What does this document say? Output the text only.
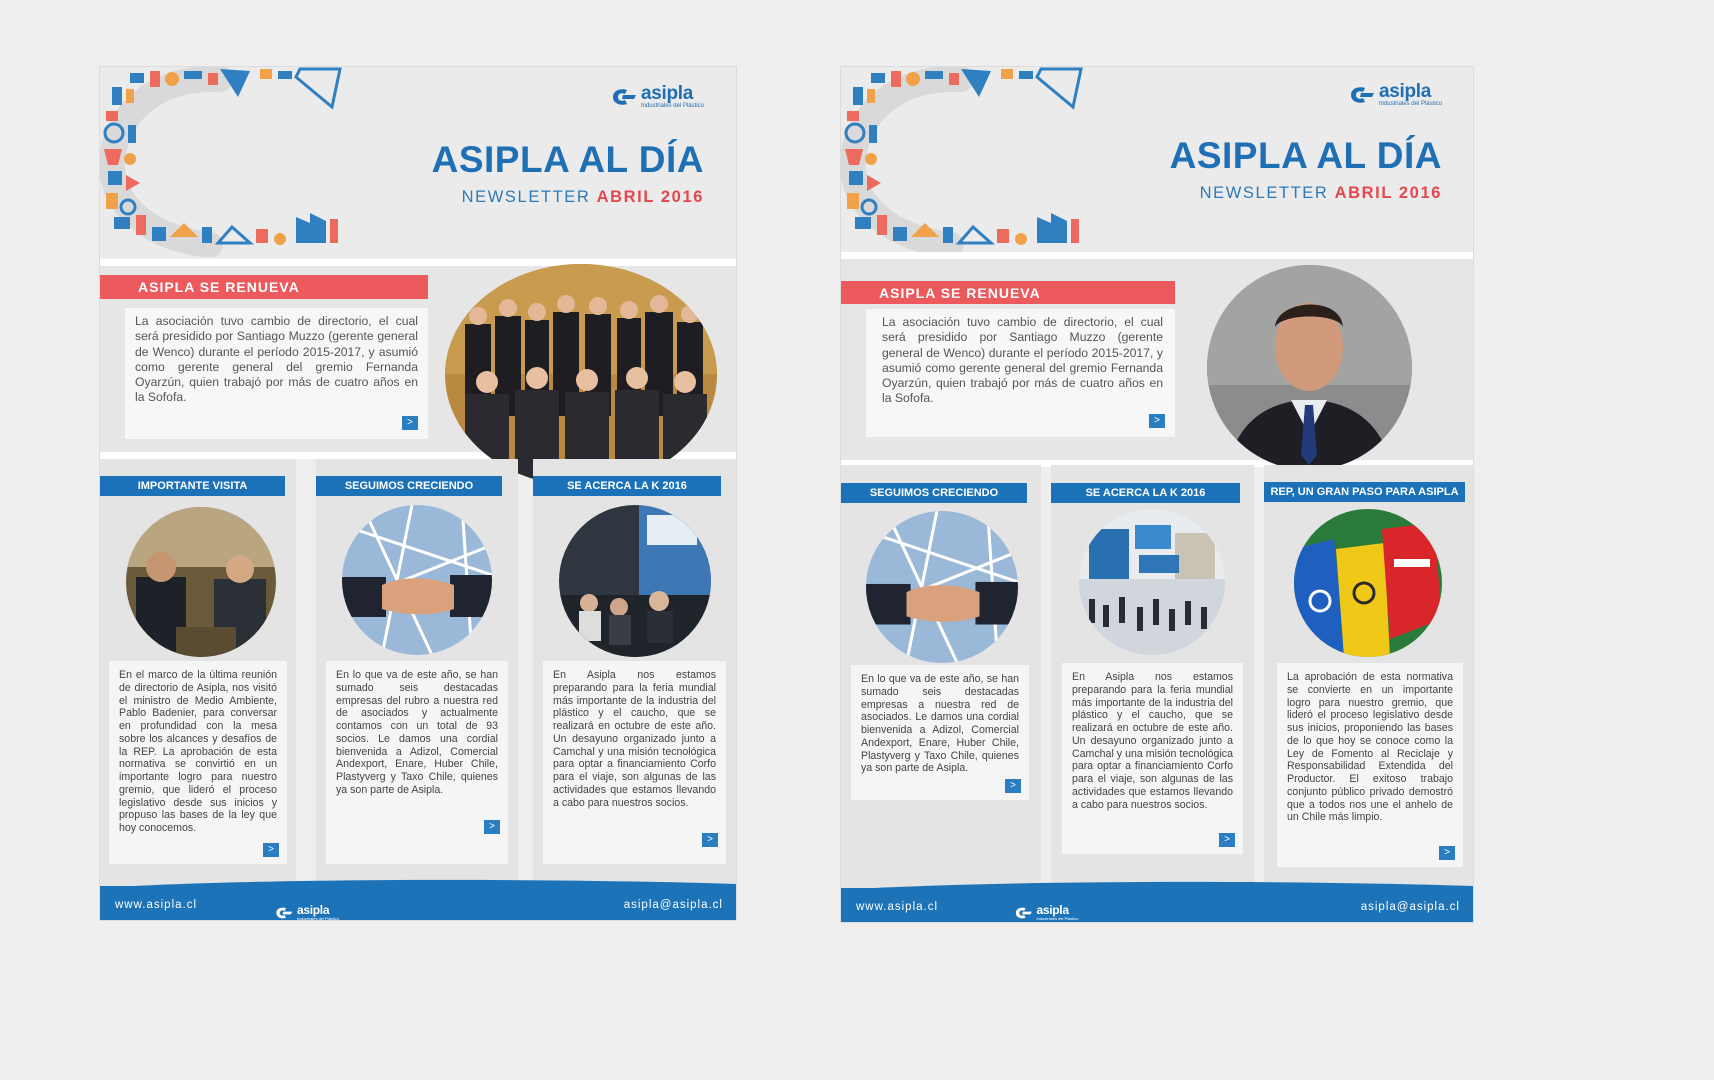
asipla
Industriales del Plástico
ASIPLA AL DÍA
NEWSLETTER ABRIL 2016
ASIPLA SE RENUEVA

La asociación tuvo cambio de directorio, el cual será presidido por Santiago Muzzo (gerente general de Wenco) durante el período 2015-2017, y asumió como gerente general del gremio Fernanda Oyarzún, quien trabajó por más de cuatro años en la Sofofa.

>
IMPORTANTE VISITA

En el marco de la última reunión de directorio de Asipla, nos visitó el ministro de Medio Ambiente, Pablo Badenier, para conversar en profundidad con la mesa sobre los alcances y desafíos de la REP. La aprobación de esta normativa se convirtió en un importante logro para nuestro gremio, que lideró el proceso legislativo desde sus inicios y propuso las bases de la ley que hoy conocemos.

>
SEGUIMOS CRECIENDO

En lo que va de este año, se han sumado seis destacadas empresas del rubro a nuestra red de asociados y actualmente contamos con un total de 93 socios. Le damos una cordial bienvenida a Adizol, Comercial Andexport, Enare, Huber Chile, Plastyverg y Taxo Chile, quienes ya son parte de Asipla.

>
SE ACERCA LA K 2016

En Asipla nos estamos preparando para la feria mundial más importante de la industria del plástico y el caucho, que se realizará en octubre de este año. Un desayuno organizado junto a Camchal y una misión tecnológica para optar a financiamiento Corfo para el viaje, son algunas de las actividades que estamos llevando a cabo para nuestros socios.

>
www.asipla.cl	asipla
Industriales del Plástico
asipla@asipla.cl
asipla
Industriales del Plástico
ASIPLA AL DÍA
NEWSLETTER ABRIL 2016
ASIPLA SE RENUEVA

La asociación tuvo cambio de directorio, el cual será presidido por Santiago Muzzo (gerente general de Wenco) durante el período 2015-2017, y asumió como gerente general del gremio Fernanda Oyarzún, quien trabajó por más de cuatro años en la Sofofa.

>
SEGUIMOS CRECIENDO

En lo que va de este año, se han sumado seis destacadas empresas a nuestra red de asociados. Le damos una cordial bienvenida a Adizol, Comercial Andexport, Enare, Huber Chile, Plastyverg y Taxo Chile, quienes ya son parte de Asipla.

>
SE ACERCA LA K 2016

En Asipla nos estamos preparando para la feria mundial más importante de la industria del plástico y el caucho, que se realizará en octubre de este año. Un desayuno organizado junto a Camchal y una misión tecnológica para optar a financiamiento Corfo para el viaje, son algunas de las actividades que estamos llevando a cabo para nuestros socios.

>
REP, UN GRAN PASO PARA ASIPLA

La aprobación de esta normativa se convierte en un importante logro para nuestro gremio, que lideró el proceso legislativo desde sus inicios, proponiendo las bases de lo que hoy se conoce como la Ley de Fomento al Reciclaje y Responsabilidad Extendida del Productor. El exitoso trabajo conjunto público privado demostró que a todos nos une el anhelo de un Chile más limpio.

>
www.asipla.cl	asipla
Industriales del Plástico
asipla@asipla.cl
